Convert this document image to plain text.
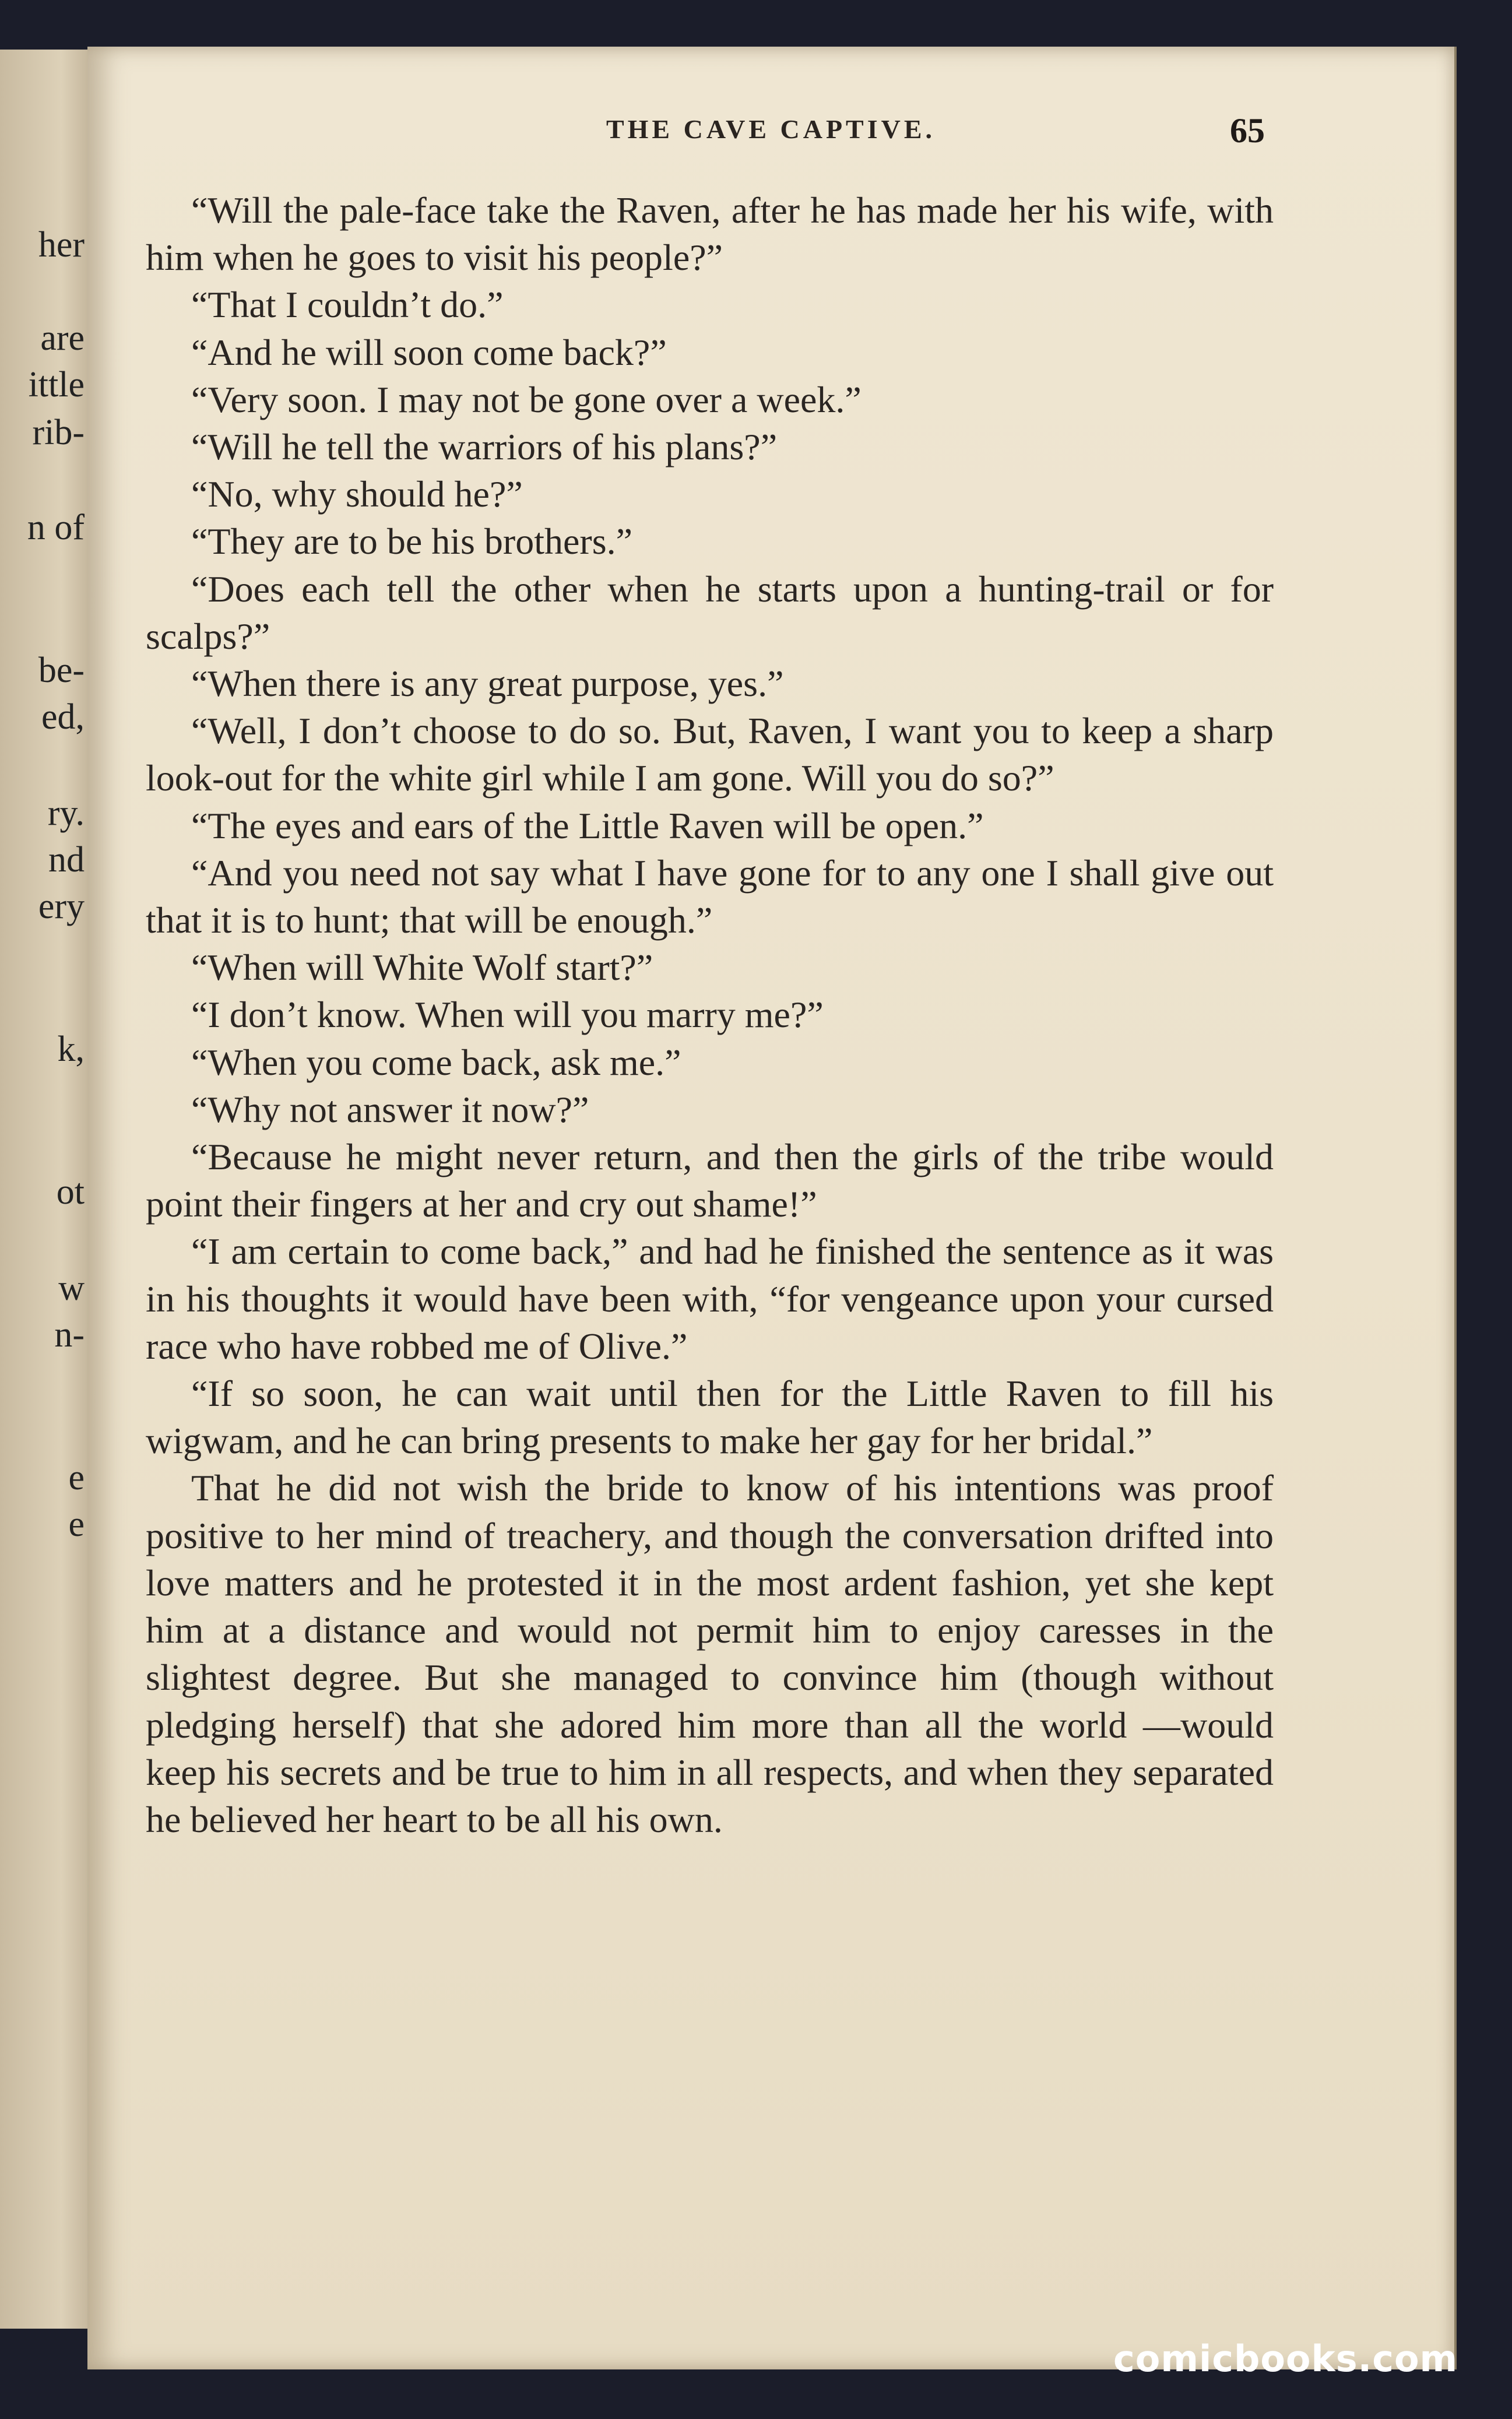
her
are
ittle
rib-
n of
be-
ed,
ry.
nd
ery
k,
ot
w
n-
e
e
THE CAVE CAPTIVE.	65

“Will the pale-face take the Raven, after he has made her his wife, with him when he goes to visit his people?”

“That I couldn’t do.”

“And he will soon come back?”

“Very soon. I may not be gone over a week.”

“Will he tell the warriors of his plans?”

“No, why should he?”

“They are to be his brothers.”

“Does each tell the other when he starts upon a hunting-trail or for scalps?”

“When there is any great purpose, yes.”

“Well, I don’t choose to do so. But, Raven, I want you to keep a sharp look-out for the white girl while I am gone. Will you do so?”

“The eyes and ears of the Little Raven will be open.”

“And you need not say what I have gone for to any one I shall give out that it is to hunt; that will be enough.”

“When will White Wolf start?”

“I don’t know. When will you marry me?”

“When you come back, ask me.”

“Why not answer it now?”

“Because he might never return, and then the girls of the tribe would point their fingers at her and cry out shame!”

“I am certain to come back,” and had he finished the sentence as it was in his thoughts it would have been with, “for vengeance upon your cursed race who have robbed me of Olive.”

“If so soon, he can wait until then for the Little Raven to fill his wigwam, and he can bring presents to make her gay for her bridal.”

That he did not wish the bride to know of his intentions was proof positive to her mind of treachery, and though the conversation drifted into love matters and he protested it in the most ardent fashion, yet she kept him at a distance and would not permit him to enjoy caresses in the slightest degree. But she managed to convince him (though without pledging herself) that she adored him more than all the world —would keep his secrets and be true to him in all respects, and when they separated he believed her heart to be all his own.

comicbooks.com
